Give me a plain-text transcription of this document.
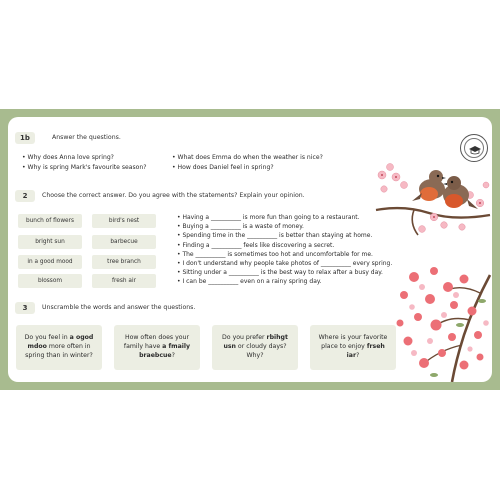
1b	Answer the questions.
• Why does Anna love spring?
• Why is spring Mark's favourite season?
• What does Emma do when the weather is nice?
• How does Daniel feel in spring?
2	Choose the correct answer. Do you agree with the statements? Explain your opinion.
bunch of flowers	bird's nest
bright sun	barbecue
in a good mood	tree branch
blossom	fresh air
• Having a __________ is more fun than going to a restaurant.
• Buying a __________ is a waste of money.
• Spending time in the __________ is better than staying at home.
• Finding a __________ feels like discovering a secret.
• The __________ is sometimes too hot and uncomfortable for me.
• I don't understand why people take photos of __________ every spring.
• Sitting under a __________ is the best way to relax after a busy day.
• I can be __________ even on a rainy spring day.
3	Unscramble the words and answer the questions.
Do you feel in a ogod
mdoo more often in
spring than in winter?
How often does your
family have a fmaily
braebcue?
Do you prefer rbihgt
usn or cloudy days?
Why?
Where is your favorite
place to enjoy frseh
iar?
